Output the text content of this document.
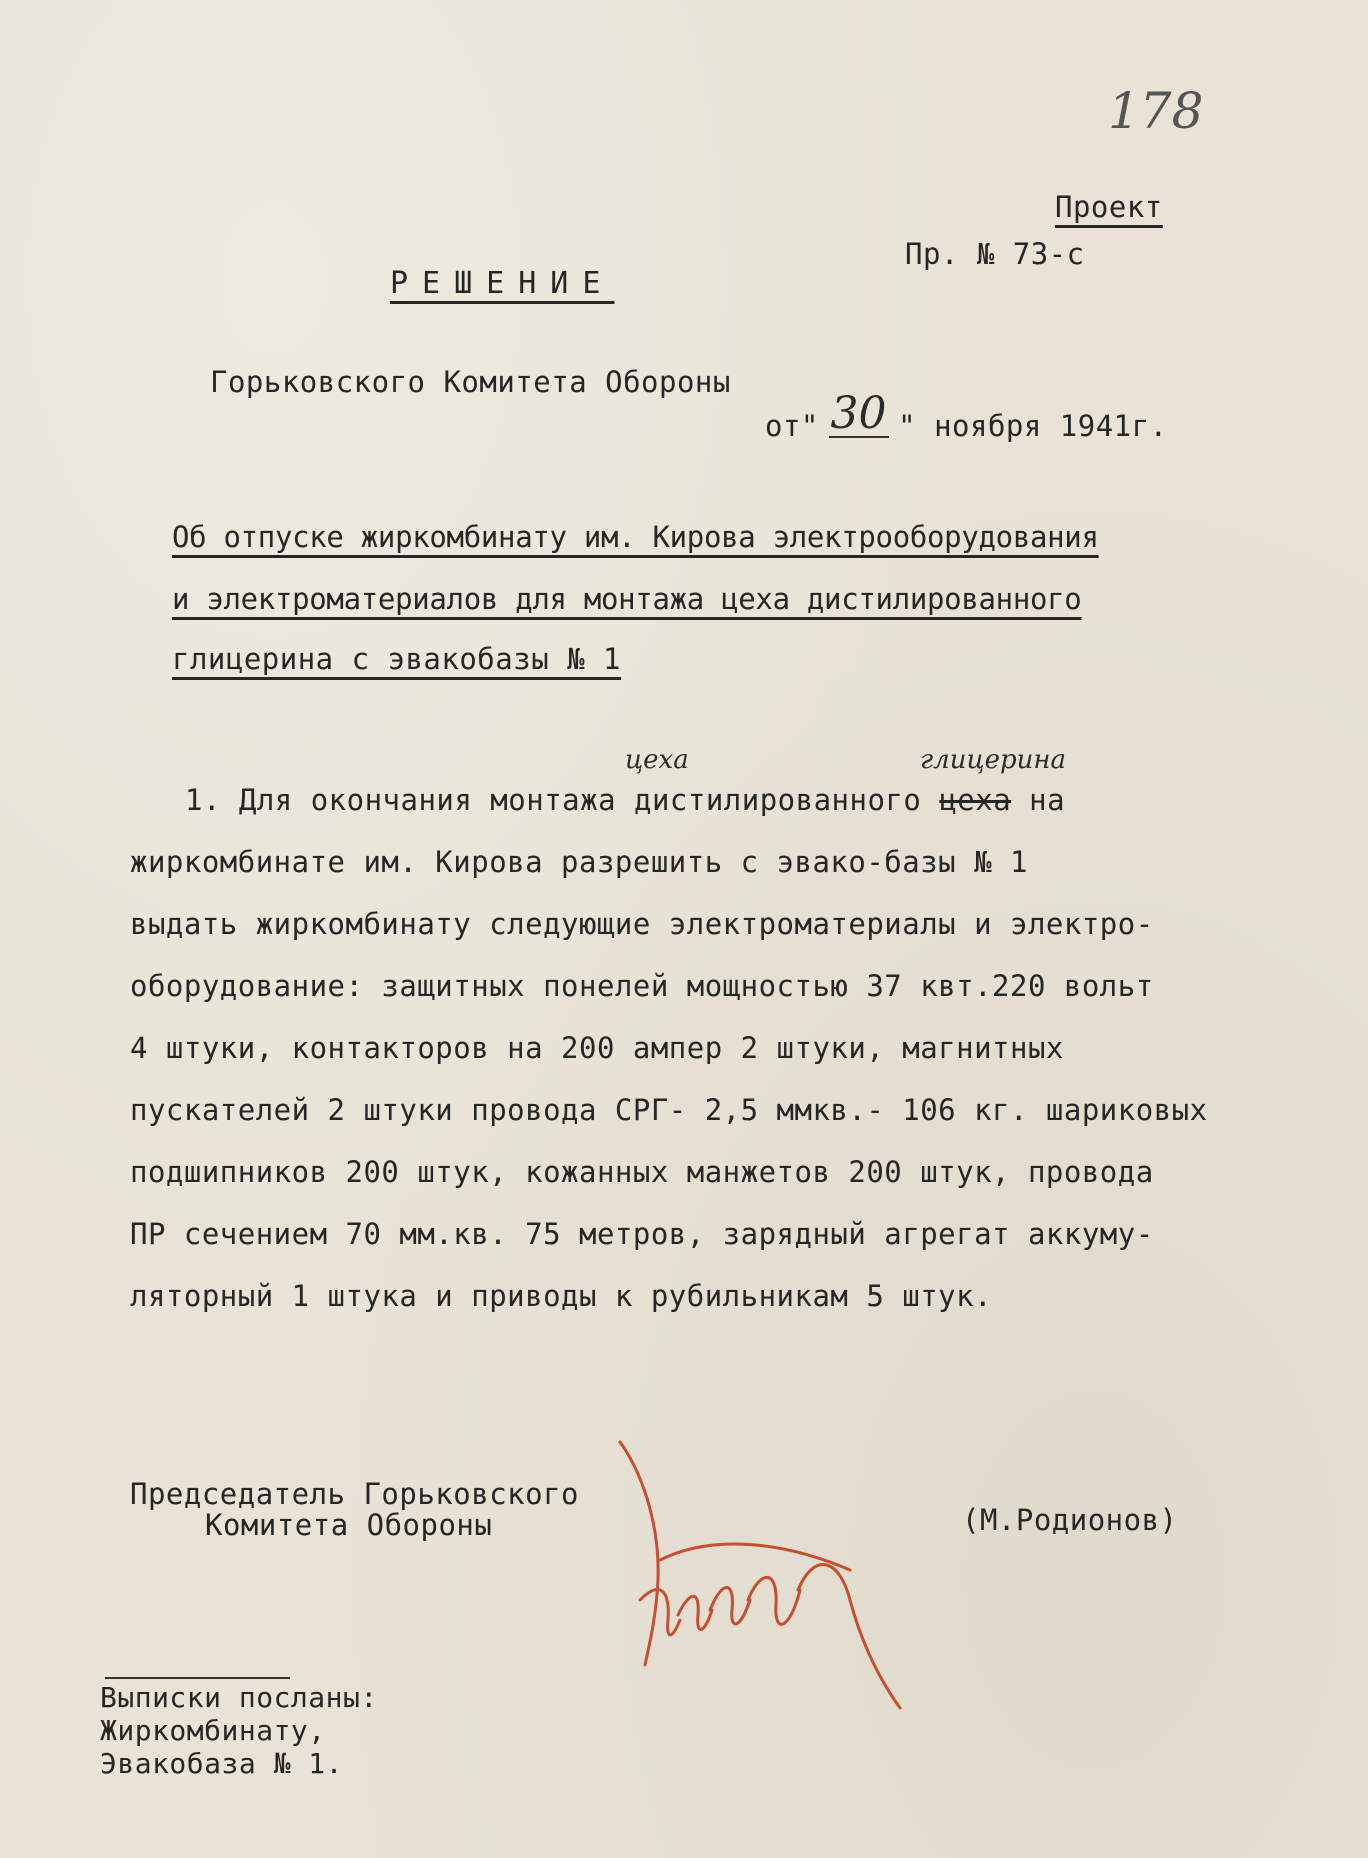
178
Проект
Пр. № 73-с
РЕШЕНИЕ
Горьковского Комитета Обороны
от" 30 " ноября 1941г.
Об отпуске жиркомбинату им. Кирова электрооборудования
и электроматериалов для монтажа цеха дистилированного
глицерина с эвакобазы № 1
цеха	глицерина
1. Для окончания монтажа дистилированного цеха на
жиркомбинате им. Кирова разрешить с эвако-базы № 1
выдать жиркомбинату следующие электроматериалы и электро-
оборудование: защитных понелей мощностью 37 квт.220 вольт
4 штуки, контакторов на 200 ампер 2 штуки, магнитных
пускателей 2 штуки провода СРГ- 2,5 ммкв.- 106 кг. шариковых
подшипников 200 штук, кожанных манжетов 200 штук, провода
ПР сечением 70 мм.кв. 75 метров, зарядный агрегат аккуму-
ляторный 1 штука и приводы к рубильникам 5 штук.
Председатель Горьковского
Комитета Обороны	(М.Родионов)
Выписки посланы:
Жиркомбинату,
Эвакобаза № 1.
